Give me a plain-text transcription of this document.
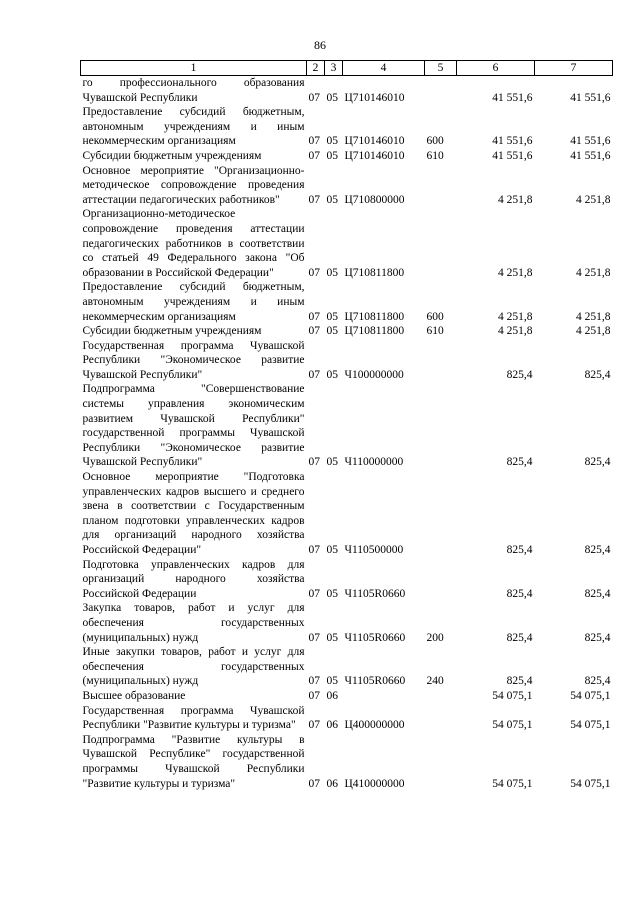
86
1	2	3	4	5	6	7
го профессионального образования Чувашской Республики	07	05	Ц710146010		41 551,6	41 551,6
Предоставление субсидий бюджетным, автономным учреждениям и иным некоммерческим организациям	07	05	Ц710146010	600	41 551,6	41 551,6
Субсидии бюджетным учреждениям	07	05	Ц710146010	610	41 551,6	41 551,6
Основное мероприятие "Организационно-методическое сопровождение проведения аттестации педагогических работников"	07	05	Ц710800000		4 251,8	4 251,8
Организационно-методическое сопровождение проведения аттестации педагогических работников в соответствии со статьей 49 Федерального закона "Об образовании в Российской Федерации"	07	05	Ц710811800		4 251,8	4 251,8
Предоставление субсидий бюджетным, автономным учреждениям и иным некоммерческим организациям	07	05	Ц710811800	600	4 251,8	4 251,8
Субсидии бюджетным учреждениям	07	05	Ц710811800	610	4 251,8	4 251,8
Государственная программа Чувашской Республики "Экономическое развитие Чувашской Республики"	07	05	Ч100000000		825,4	825,4
Подпрограмма "Совершенствование системы управления экономическим развитием Чувашской Республики" государственной программы Чувашской Республики "Экономическое развитие Чувашской Республики"	07	05	Ч110000000		825,4	825,4
Основное мероприятие "Подготовка управленческих кадров высшего и среднего звена в соответствии с Государственным планом подготовки управленческих кадров для организаций народного хозяйства Российской Федерации"	07	05	Ч110500000		825,4	825,4
Подготовка управленческих кадров для организаций народного хозяйства Российской Федерации	07	05	Ч1105R0660		825,4	825,4
Закупка товаров, работ и услуг для обеспечения государственных (муниципальных) нужд	07	05	Ч1105R0660	200	825,4	825,4
Иные закупки товаров, работ и услуг для обеспечения государственных (муниципальных) нужд	07	05	Ч1105R0660	240	825,4	825,4
Высшее образование	07	06			54 075,1	54 075,1
Государственная программа Чувашской Республики "Развитие культуры и туризма"	07	06	Ц400000000		54 075,1	54 075,1
Подпрограмма "Развитие культуры в Чувашской Республике" государственной программы Чувашской Республики "Развитие культуры и туризма"	07	06	Ц410000000		54 075,1	54 075,1
